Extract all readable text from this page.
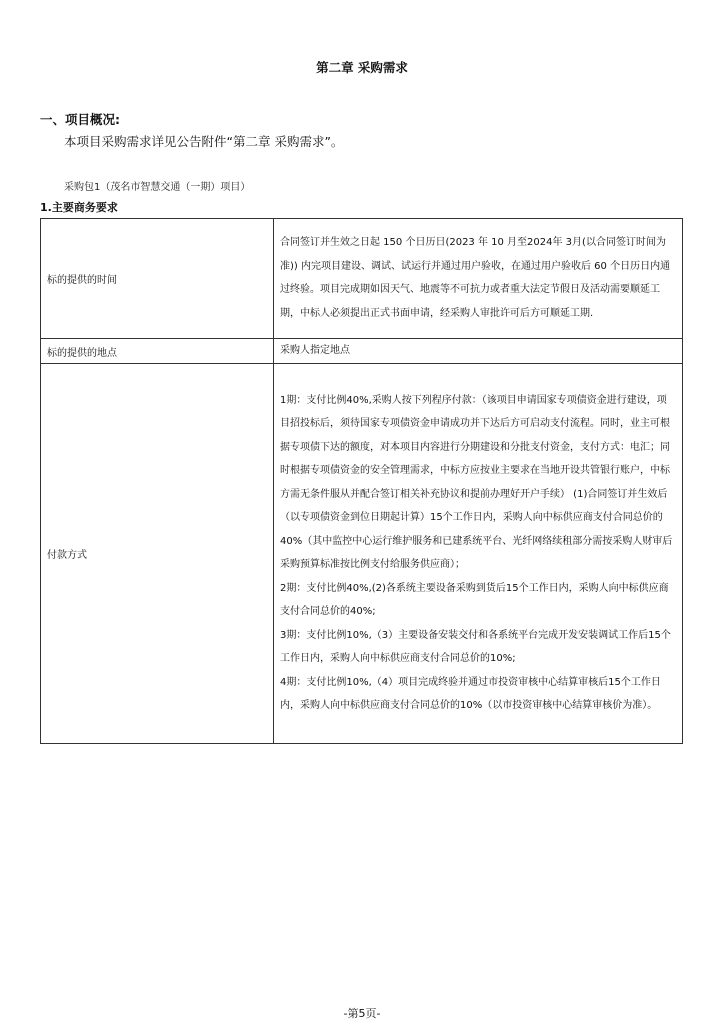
第二章 采购需求
一、项目概况:
本项目采购需求详见公告附件“第二章 采购需求”。
采购包1（茂名市智慧交通（一期）项目）
1.主要商务要求
标的提供的时间	合同签订并生效之日起 150 个日历日(2023 年 10 月至2024年 3月(以合同签订时间为准)) 内完项目建设、调试、试运行并通过用户验收，在通过用户验收后 60 个日历日内通过终验。项目完成期如因天气、地震等不可抗力或者重大法定节假日及活动需要顺延工期，中标人必须提出正式书面申请，经采购人审批许可后方可顺延工期.
标的提供的地点	采购人指定地点
付款方式	1期：支付比例40%,采购人按下列程序付款：（该项目申请国家专项债资金进行建设，项目招投标后，须待国家专项债资金申请成功并下达后方可启动支付流程。同时，业主可根据专项债下达的额度，对本项目内容进行分期建设和分批支付资金，支付方式：电汇；同时根据专项债资金的安全管理需求，中标方应按业主要求在当地开设共管银行账户，中标方需无条件服从并配合签订相关补充协议和提前办理好开户手续） (1)合同签订并生效后（以专项债资金到位日期起计算）15个工作日内，采购人向中标供应商支付合同总价的40%（其中监控中心运行维护服务和已建系统平台、光纤网络续租部分需按采购人财审后采购预算标准按比例支付给服务供应商）；
2期：支付比例40%,(2)各系统主要设备采购到货后15个工作日内，采购人向中标供应商支付合同总价的40%;
3期：支付比例10%,（3）主要设备安装交付和各系统平台完成开发安装调试工作后15个工作日内，采购人向中标供应商支付合同总价的10%;
4期：支付比例10%,（4）项目完成终验并通过市投资审核中心结算审核后15个工作日内，采购人向中标供应商支付合同总价的10%（以市投资审核中心结算审核价为准）。
-第5页-
